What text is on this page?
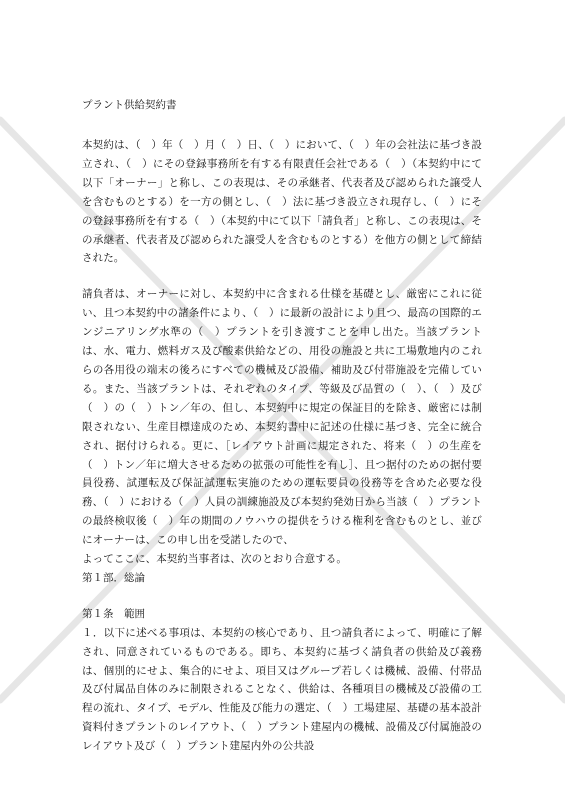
プラント供給契約書

本契約は、（　）年（　）月（　）日、（　）において、（　）年の会社法に基づき設立され、（　）にその登録事務所を有する有限責任会社である（　）（本契約中にて以下「オーナー」と称し、この表現は、その承継者、代表者及び認められた譲受人を含むものとする）を一方の側とし、（　）法に基づき設立され現存し、（　）にその登録事務所を有する（　）（本契約中にて以下「請負者」と称し、この表現は、その承継者、代表者及び認められた譲受人を含むものとする）を他方の側として締結された。

請負者は、オーナーに対し、本契約中に含まれる仕様を基礎とし、厳密にこれに従い、且つ本契約中の諸条件により、（　）に最新の設計により且つ、最高の国際的エンジニアリング水準の（　）プラントを引き渡すことを申し出た。当該プラントは、水、電力、燃料ガス及び酸素供給などの、用役の施設と共に工場敷地内のこれらの各用役の端末の後ろにすべての機械及び設備、補助及び付帯施設を完備している。また、当該プラントは、それぞれのタイプ、等級及び品質の（　）、（　）及び（　）の（　）トン／年の、但し、本契約中に規定の保証目的を除き、厳密には制限されない、生産目標達成のため、本契約書中に記述の仕様に基づき、完全に統合され、据付けられる。更に、［レイアウト計画に規定された、将来（　）の生産を（　）トン／年に増大させるための拡張の可能性を有し］、且つ据付のための据付要員役務、試運転及び保証試運転実施のための運転要員の役務等を含めた必要な役務、（　）における（　）人員の訓練施設及び本契約発効日から当該（　）プラントの最終検収後（　）年の期間のノウハウの提供をうける権利を含むものとし、並びにオーナーは、この申し出を受諾したので、

よってここに、本契約当事者は、次のとおり合意する。

第１部．総論

第１条　範囲

１．以下に述べる事項は、本契約の核心であり、且つ請負者によって、明確に了解され、同意されているものである。即ち、本契約に基づく請負者の供給及び義務は、個別的にせよ、集合的にせよ、項目又はグループ若しくは機械、設備、付帯品及び付属品自体のみに制限されることなく、供給は、各種項目の機械及び設備の工程の流れ、タイプ、モデル、性能及び能力の選定、（　）工場建屋、基礎の基本設計資料付きプラントのレイアウト、（　）プラント建屋内の機械、設備及び付属施設のレイアウト及び（　）プラント建屋内外の公共設
